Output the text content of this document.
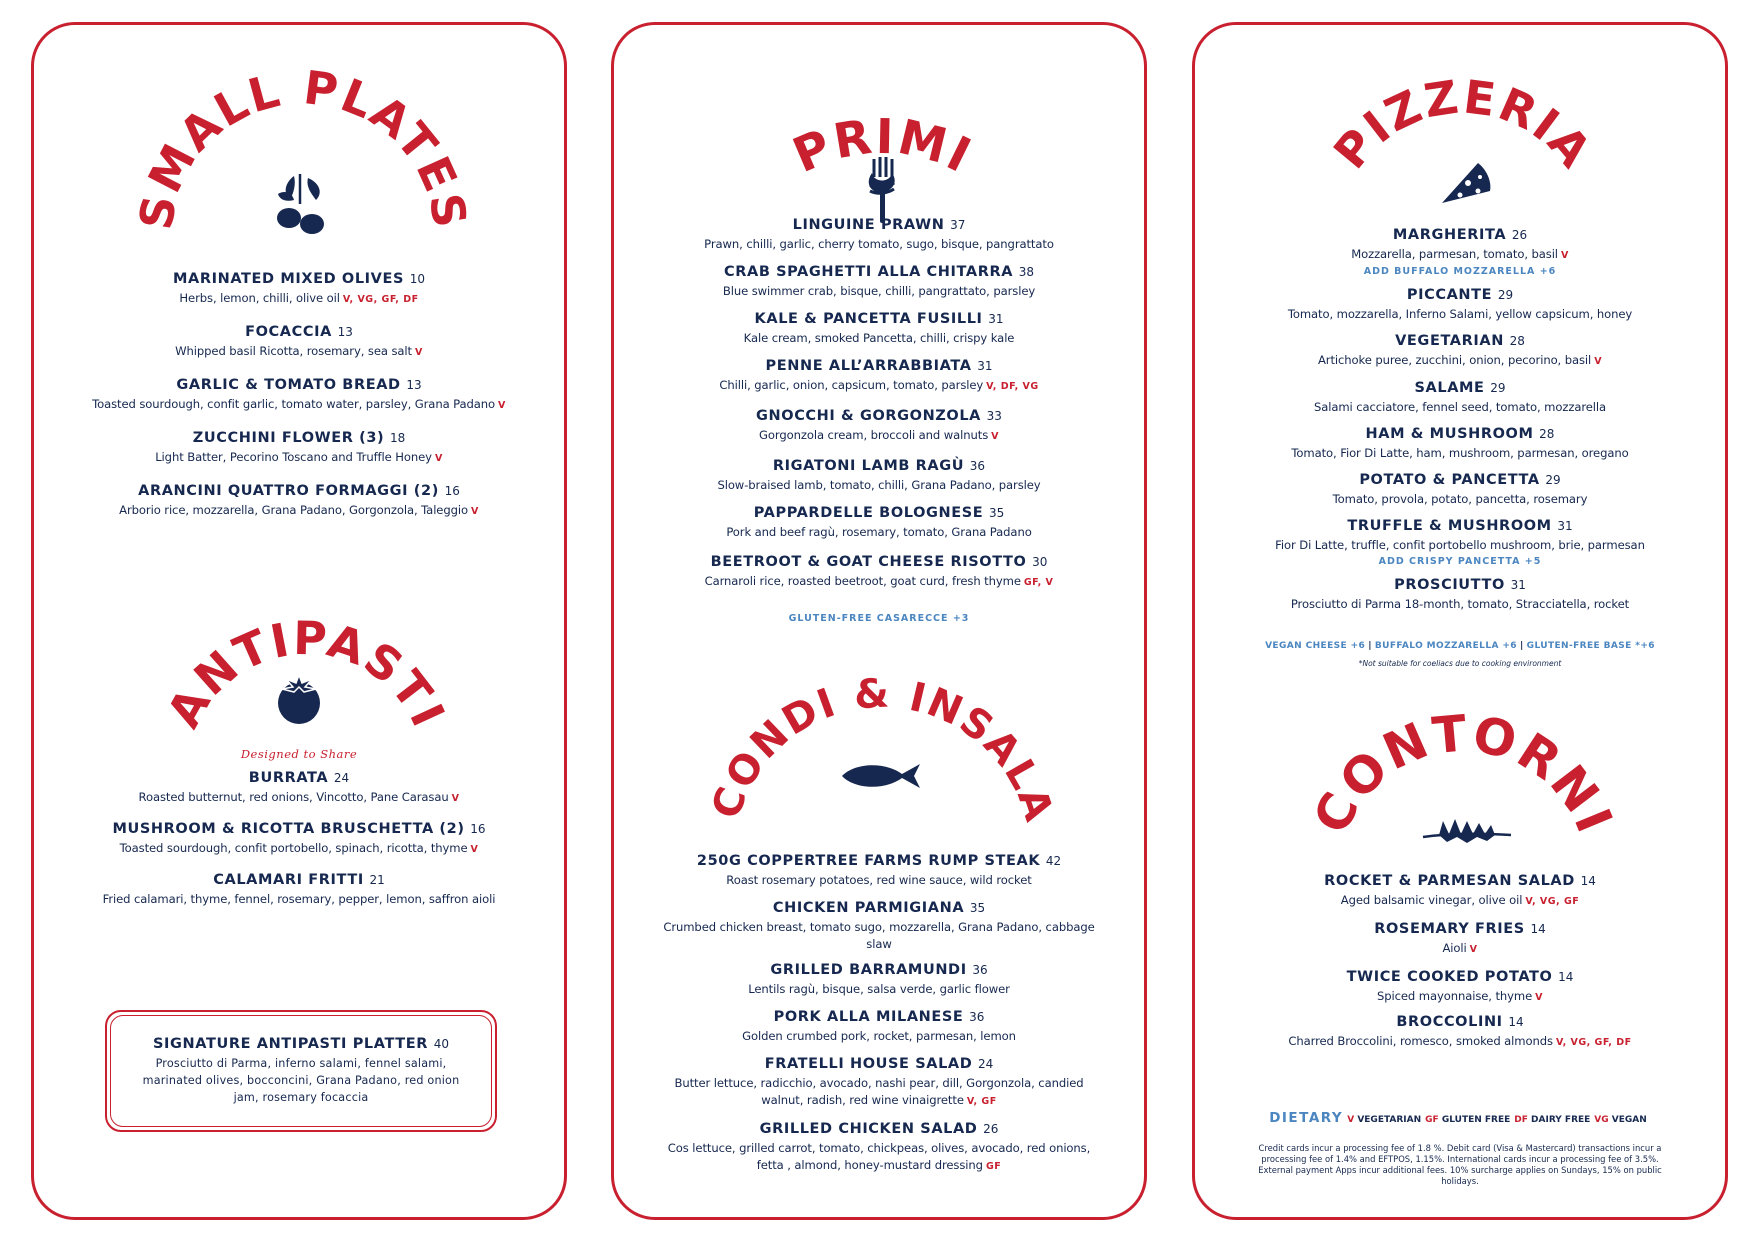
SMALL PLATES
MARINATED MIXED OLIVES 10
Herbs, lemon, chilli, olive oil V, VG, GF, DF
FOCACCIA 13
Whipped basil Ricotta, rosemary, sea salt V
GARLIC & TOMATO BREAD 13
Toasted sourdough, confit garlic, tomato water, parsley, Grana Padano V
ZUCCHINI FLOWER (3) 18
Light Batter, Pecorino Toscano and Truffle Honey V
ARANCINI QUATTRO FORMAGGI (2) 16
Arborio rice, mozzarella, Grana Padano, Gorgonzola, Taleggio V
ANTIPASTI
Designed to Share
BURRATA 24
Roasted butternut, red onions, Vincotto, Pane Carasau V
MUSHROOM & RICOTTA BRUSCHETTA (2) 16
Toasted sourdough, confit portobello, spinach, ricotta, thyme V
CALAMARI FRITTI 21
Fried calamari, thyme, fennel, rosemary, pepper, lemon, saffron aioli
SIGNATURE ANTIPASTI PLATTER 40
Prosciutto di Parma, inferno salami, fennel salami, marinated olives, bocconcini, Grana Padano, red onion jam, rosemary focaccia
PRIMI
LINGUINE PRAWN 37
Prawn, chilli, garlic, cherry tomato, sugo, bisque, pangrattato
CRAB SPAGHETTI ALLA CHITARRA 38
Blue swimmer crab, bisque, chilli, pangrattato, parsley
KALE & PANCETTA FUSILLI 31
Kale cream, smoked Pancetta, chilli, crispy kale
PENNE ALL’ARRABBIATA 31
Chilli, garlic, onion, capsicum, tomato, parsley V, DF, VG
GNOCCHI & GORGONZOLA 33
Gorgonzola cream, broccoli and walnuts V
RIGATONI LAMB RAGÙ 36
Slow-braised lamb, tomato, chilli, Grana Padano, parsley
PAPPARDELLE BOLOGNESE 35
Pork and beef ragù, rosemary, tomato, Grana Padano
BEETROOT & GOAT CHEESE RISOTTO 30
Carnaroli rice, roasted beetroot, goat curd, fresh thyme GF, V
GLUTEN-FREE CASARECCE +3
SECONDI & INSALATA
250G COPPERTREE FARMS RUMP STEAK 42
Roast rosemary potatoes, red wine sauce, wild rocket
CHICKEN PARMIGIANA 35
Crumbed chicken breast, tomato sugo, mozzarella, Grana Padano, cabbage slaw
GRILLED BARRAMUNDI 36
Lentils ragù, bisque, salsa verde, garlic flower
PORK ALLA MILANESE 36
Golden crumbed pork, rocket, parmesan, lemon
FRATELLI HOUSE SALAD 24
Butter lettuce, radicchio, avocado, nashi pear, dill, Gorgonzola, candied walnut, radish, red wine vinaigrette V, GF
GRILLED CHICKEN SALAD 26
Cos lettuce, grilled carrot, tomato, chickpeas, olives, avocado, red onions, fetta , almond, honey-mustard dressing GF
PIZZERIA
MARGHERITA 26
Mozzarella, parmesan, tomato, basil V
ADD BUFFALO MOZZARELLA +6
PICCANTE 29
Tomato, mozzarella, Inferno Salami, yellow capsicum, honey
VEGETARIAN 28
Artichoke puree, zucchini, onion, pecorino, basil V
SALAME 29
Salami cacciatore, fennel seed, tomato, mozzarella
HAM & MUSHROOM 28
Tomato, Fior Di Latte, ham, mushroom, parmesan, oregano
POTATO & PANCETTA 29
Tomato, provola, potato, pancetta, rosemary
TRUFFLE & MUSHROOM 31
Fior Di Latte, truffle, confit portobello mushroom, brie, parmesan
ADD CRISPY PANCETTA +5
PROSCIUTTO 31
Prosciutto di Parma 18-month, tomato, Stracciatella, rocket
VEGAN CHEESE +6 | BUFFALO MOZZARELLA +6 | GLUTEN-FREE BASE *+6
*Not suitable for coeliacs due to cooking environment
CONTORNI
ROCKET & PARMESAN SALAD 14
Aged balsamic vinegar, olive oil V, VG, GF
ROSEMARY FRIES 14
Aioli V
TWICE COOKED POTATO 14
Spiced mayonnaise, thyme V
BROCCOLINI 14
Charred Broccolini, romesco, smoked almonds V, VG, GF, DF
DIETARY V VEGETARIAN GF GLUTEN FREE DF DAIRY FREE VG VEGAN
Credit cards incur a processing fee of 1.8 %. Debit card (Visa & Mastercard) transactions incur a processing fee of 1.4% and EFTPOS, 1.15%. International cards incur a processing fee of 3.5%. External payment Apps incur additional fees. 10% surcharge applies on Sundays, 15% on public holidays.
